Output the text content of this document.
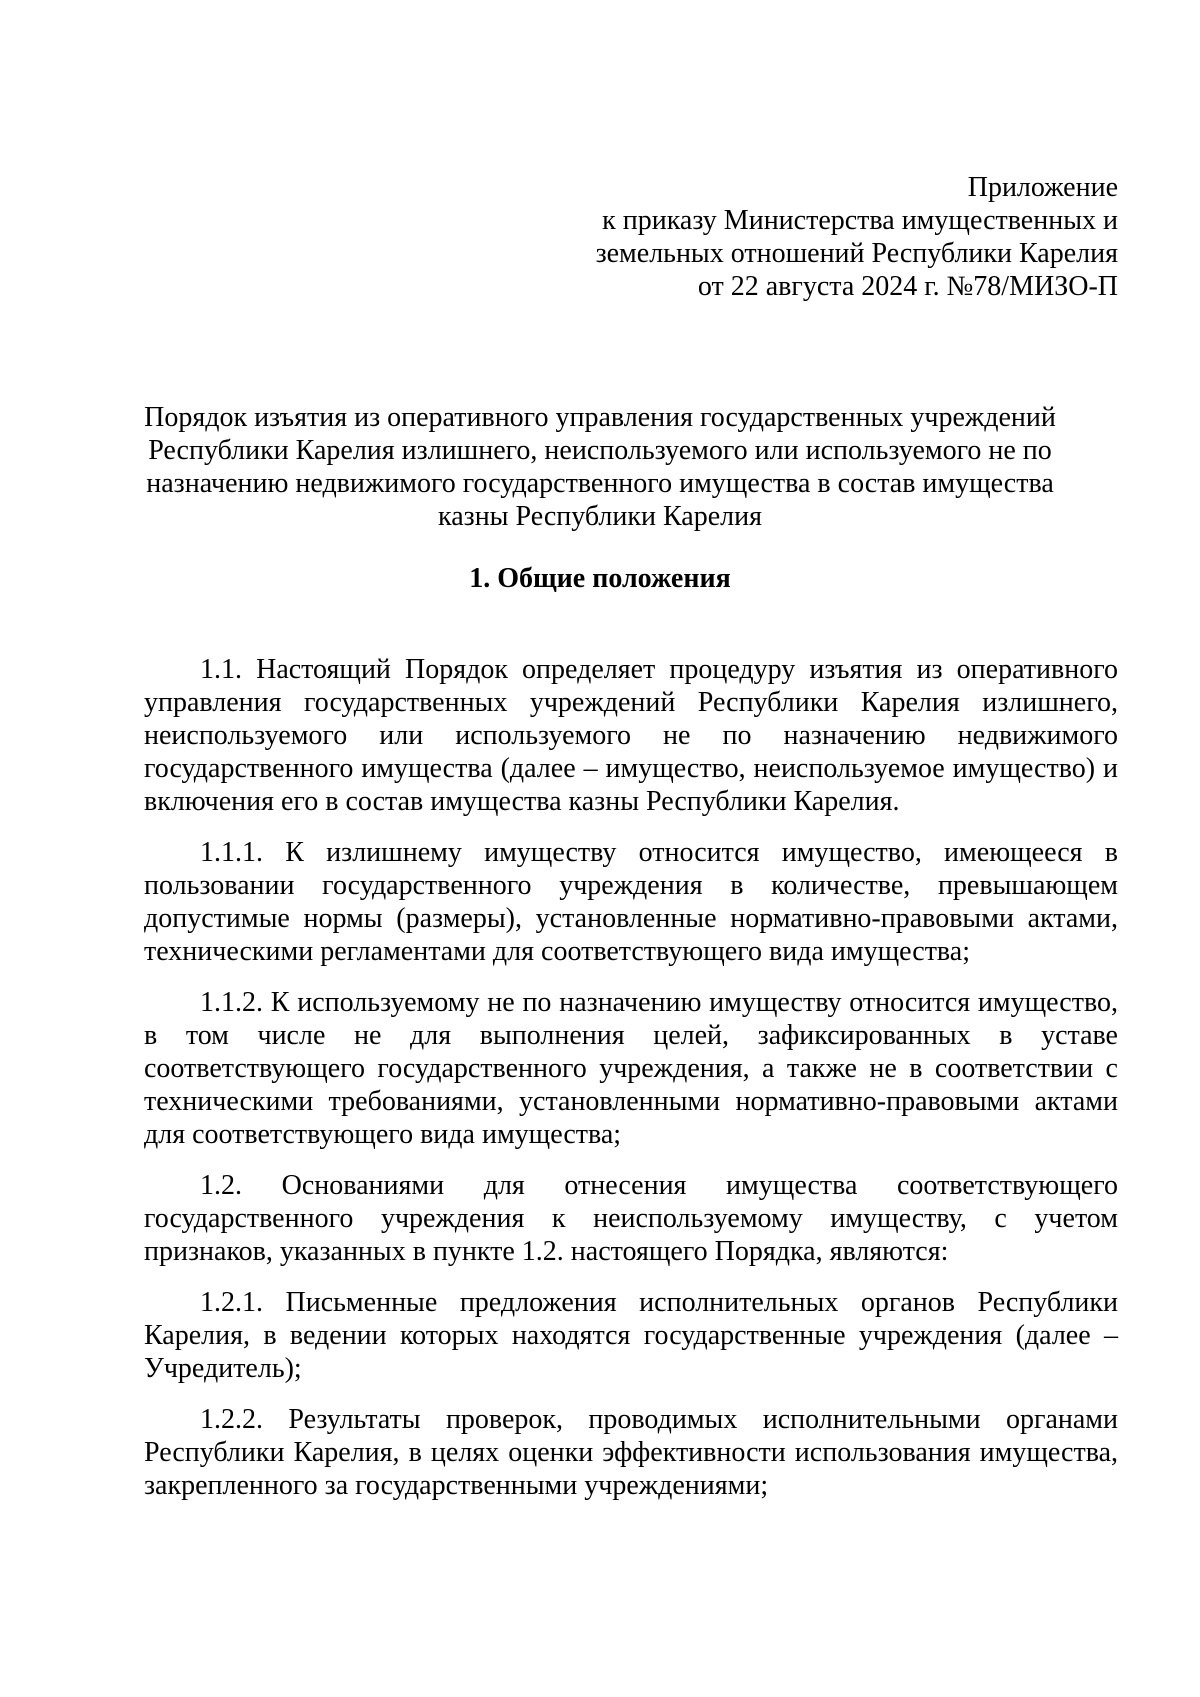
Приложение
к приказу Министерства имущественных и
земельных отношений Республики Карелия
от 22 августа 2024 г. №78/МИЗО-П
Порядок изъятия из оперативного управления государственных учреждений Республики Карелия излишнего, неиспользуемого или используемого не по назначению недвижимого государственного имущества в состав имущества казны Республики Карелия
1. Общие положения

1.1. Настоящий Порядок определяет процедуру изъятия из оперативного управления государственных учреждений Республики Карелия излишнего, неиспользуемого или используемого не по назначению недвижимого государственного имущества (далее – имущество, неиспользуемое имущество) и включения его в состав имущества казны Республики Карелия.

1.1.1. К излишнему имуществу относится имущество, имеющееся в пользовании государственного учреждения в количестве, превышающем допустимые нормы (размеры), установленные нормативно-правовыми актами, техническими регламентами для соответствующего вида имущества;

1.1.2. К используемому не по назначению имуществу относится имущество, в том числе не для выполнения целей, зафиксированных в уставе соответствующего государственного учреждения, а также не в соответствии с техническими требованиями, установленными нормативно-правовыми актами для соответствующего вида имущества;

1.2. Основаниями для отнесения имущества соответствующего государственного учреждения к неиспользуемому имуществу, с учетом признаков, указанных в пункте 1.2. настоящего Порядка, являются:

1.2.1. Письменные предложения исполнительных органов Республики Карелия, в ведении которых находятся государственные учреждения (далее – Учредитель);

1.2.2. Результаты проверок, проводимых исполнительными органами Республики Карелия, в целях оценки эффективности использования имущества, закрепленного за государственными учреждениями;
